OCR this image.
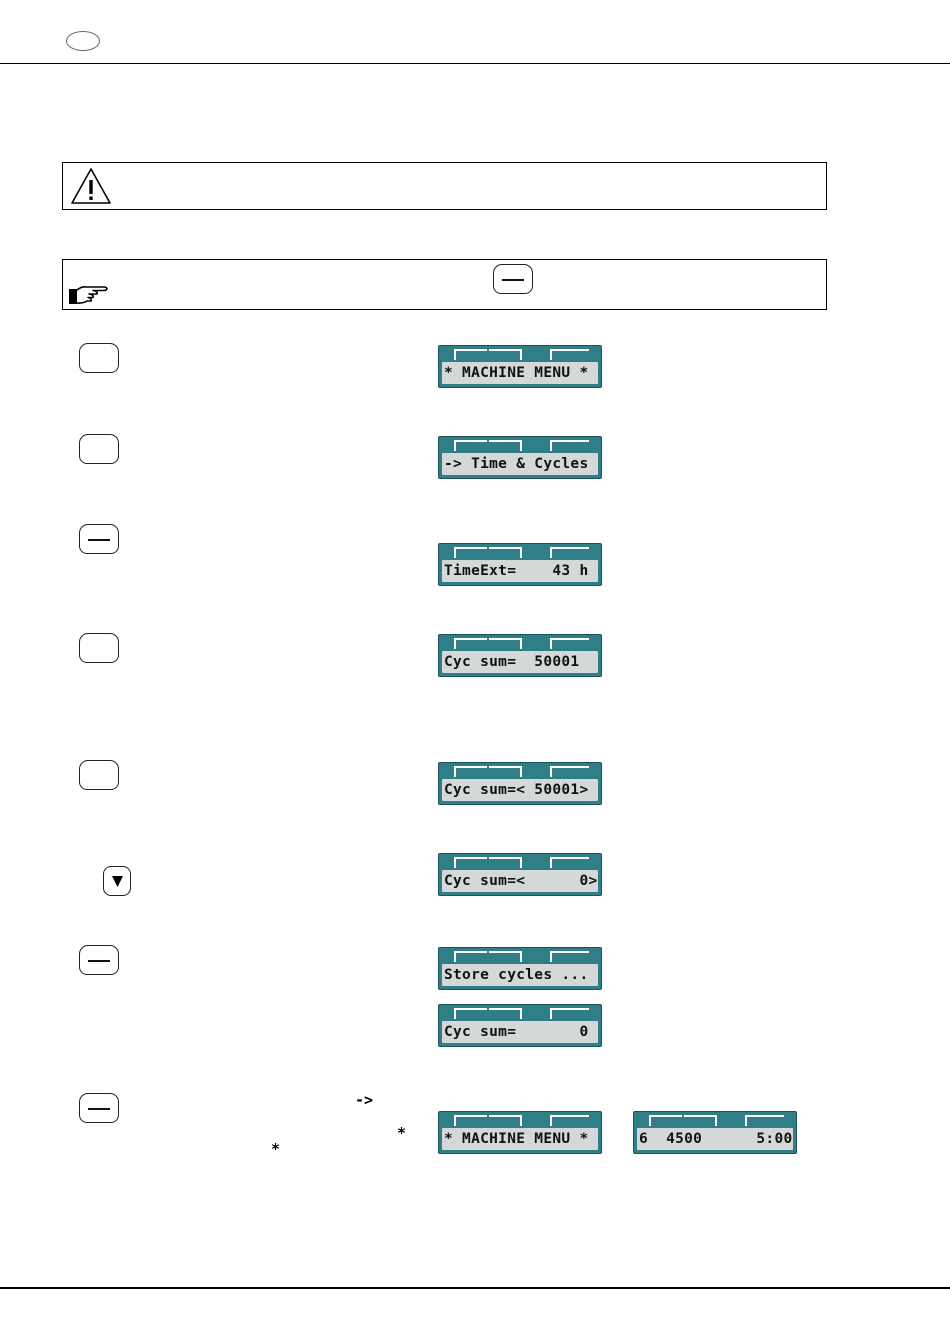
* MACHINE MENU *
-> Time & Cycles
TimeExt=    43 h
Cyc sum=  50001
Cyc sum=< 50001>
Cyc sum=<      0>
Store cycles ...
Cyc sum=       0
->
*
*
* MACHINE MENU *	6  4500      5:00
